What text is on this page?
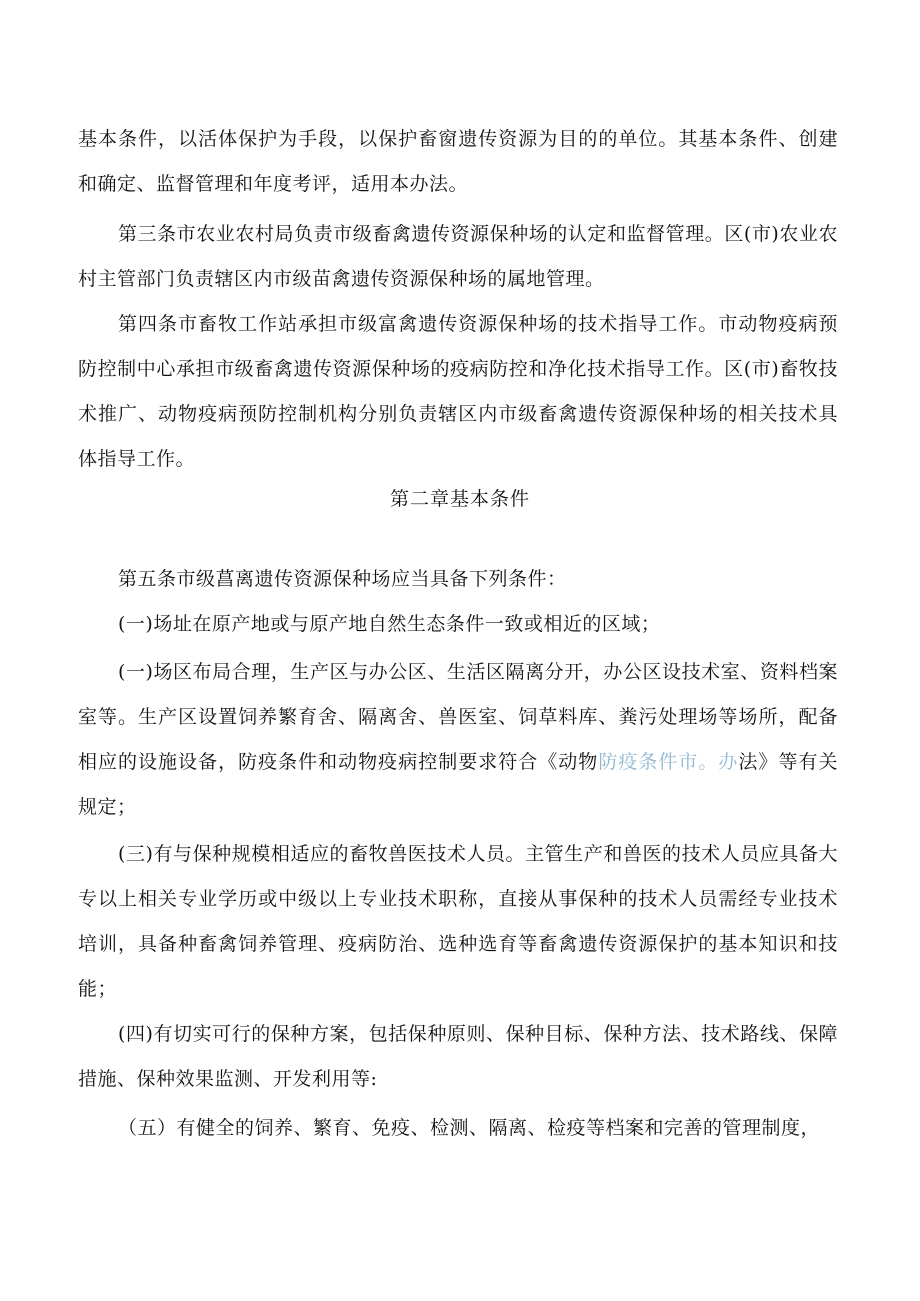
基本条件，以活体保护为手段，以保护畜窗遗传资源为目的的单位。其基本条件、创建和确定、监督管理和年度考评，适用本办法。

第三条市农业农村局负责市级畜禽遗传资源保种场的认定和监督管理。区(市)农业农村主管部门负责辖区内市级苗禽遗传资源保种场的属地管理。

第四条市畜牧工作站承担市级富禽遗传资源保种场的技术指导工作。市动物疫病预防控制中心承担市级畜禽遗传资源保种场的疫病防控和净化技术指导工作。区(市)畜牧技术推广、动物疫病预防控制机构分别负责辖区内市级畜禽遗传资源保种场的相关技术具体指导工作。

第二章基本条件

第五条市级菖离遗传资源保种场应当具备下列条件：

(一)场址在原产地或与原产地自然生态条件一致或相近的区域；

(一)场区布局合理，生产区与办公区、生活区隔离分开，办公区设技术室、资料档案室等。生产区设置饲养繁育舍、隔离舍、兽医室、饲草料库、粪污处理场等场所，配备相应的设施设备，防疫条件和动物疫病控制要求符合《动物防疫条件市。办法》等有关规定；

(三)有与保种规模相适应的畜牧兽医技术人员。主管生产和兽医的技术人员应具备大专以上相关专业学历或中级以上专业技术职称，直接从事保种的技术人员需经专业技术培训，具备种畜禽饲养管理、疫病防治、选种选育等畜禽遗传资源保护的基本知识和技能；

(四)有切实可行的保种方案，包括保种原则、保种目标、保种方法、技术路线、保障措施、保种效果监测、开发利用等:

（五）有健全的饲养、繁育、免疫、检测、隔离、检疫等档案和完善的管理制度，
